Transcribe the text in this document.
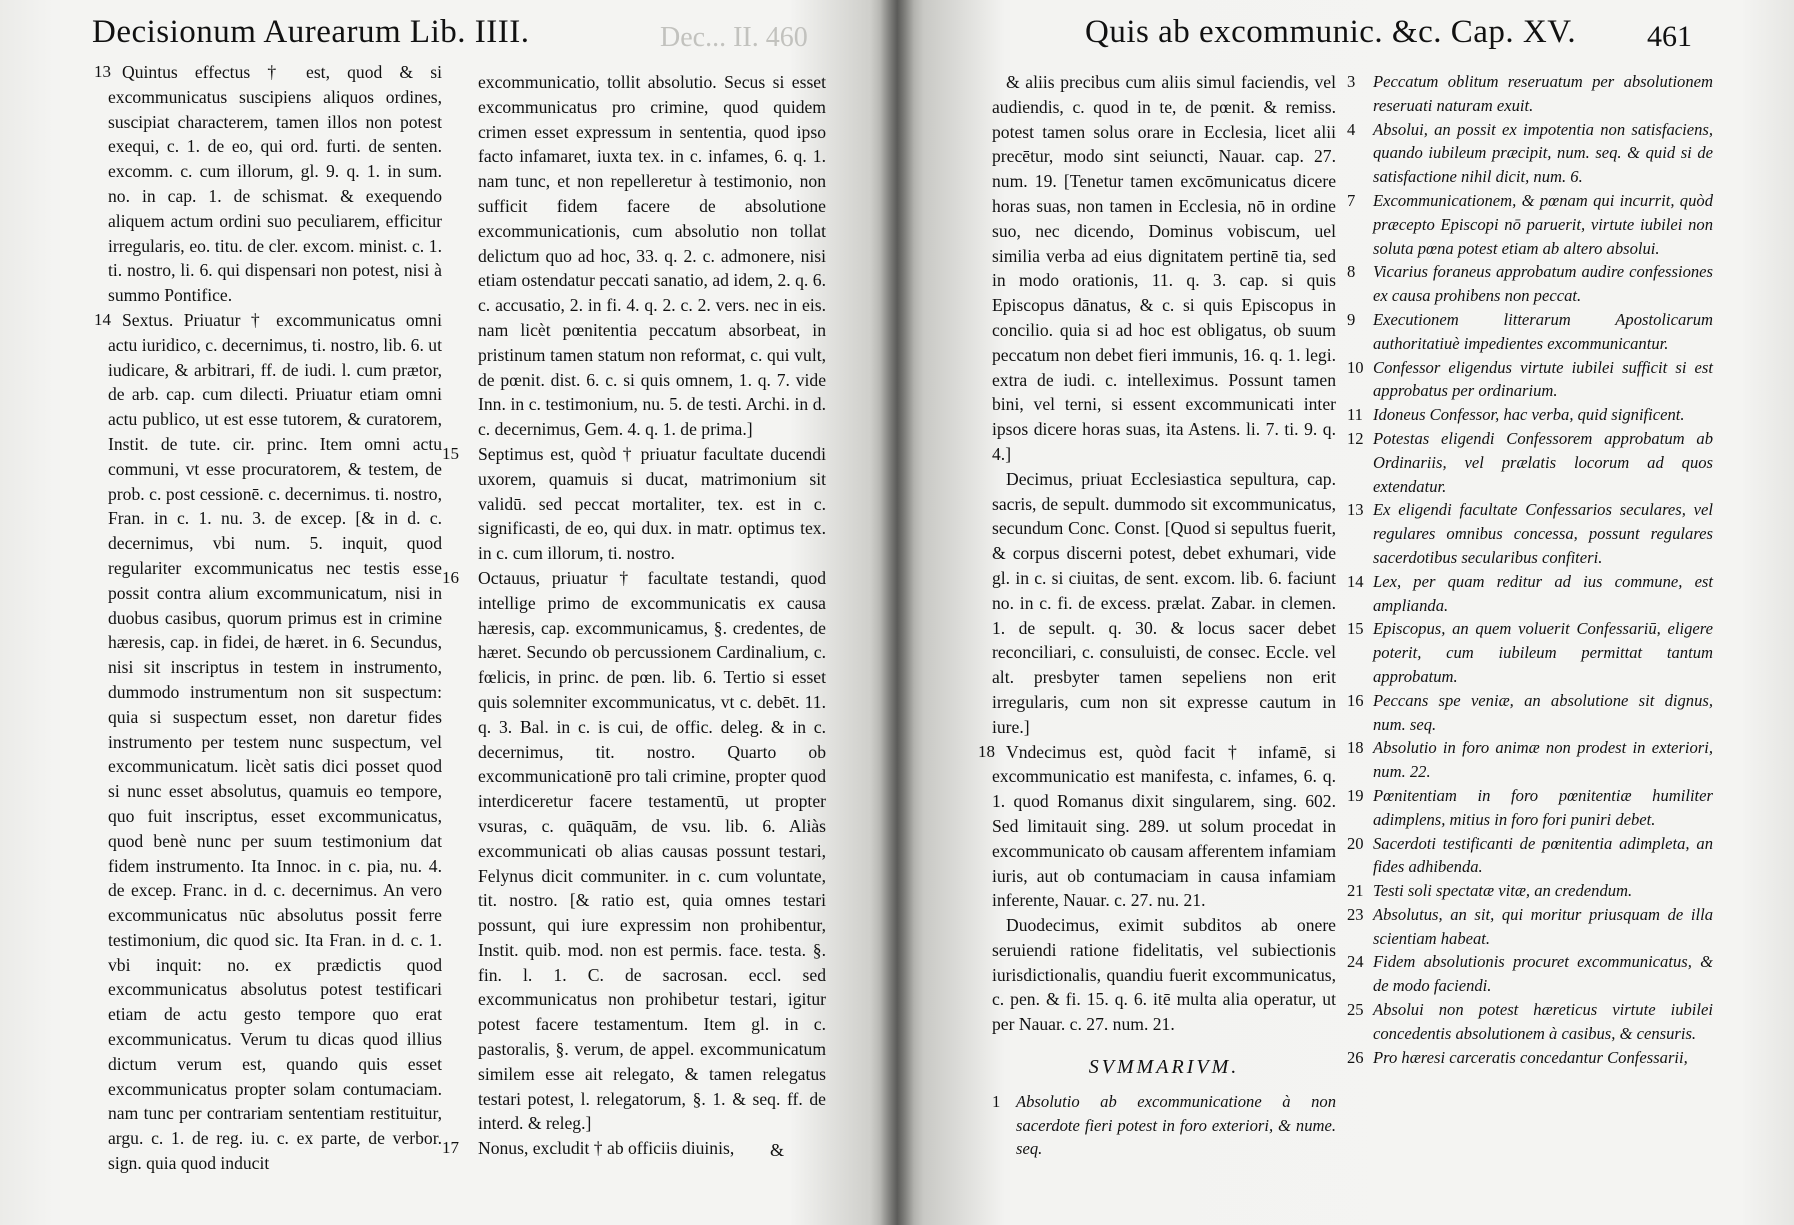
Dec... II. 460
Decisionum Aurearum Lib. IIII.

13 Quintus effectus † est, quod & si excommunicatus suscipiens aliquos ordines, suscipiat characterem, tamen illos non potest exequi, c. 1. de eo, qui ord. furti. de senten. excomm. c. cum illorum, gl. 9. q. 1. in sum. no. in cap. 1. de schismat. & exequendo aliquem actum ordini suo peculiarem, efficitur irregularis, eo. titu. de cler. excom. minist. c. 1. ti. nostro, li. 6. qui dispensari non potest, nisi à summo Pontifice.

14 Sextus. Priuatur † excommunicatus omni actu iuridico, c. decernimus, ti. nostro, lib. 6. ut iudicare, & arbitrari, ff. de iudi. l. cum prætor, de arb. cap. cum dilecti. Priuatur etiam omni actu publico, ut est esse tutorem, & curatorem, Instit. de tute. cir. princ. Item omni actu communi, vt esse procuratorem, & testem, de prob. c. post cessionē. c. decernimus. ti. nostro, Fran. in c. 1. nu. 3. de excep. [& in d. c. decernimus, vbi num. 5. inquit, quod regulariter excommunicatus nec testis esse possit contra alium excommunicatum, nisi in duobus casibus, quorum primus est in crimine hæresis, cap. in fidei, de hæret. in 6. Secundus, nisi sit inscriptus in testem in instrumento, dummodo instrumentum non sit suspectum: quia si suspectum esset, non daretur fides instrumento per testem nunc suspectum, vel excommunicatum. licèt satis dici posset quod si nunc esset absolutus, quamuis eo tempore, quo fuit inscriptus, esset excommunicatus, quod benè nunc per suum testimonium dat fidem instrumento. Ita Innoc. in c. pia, nu. 4. de excep. Franc. in d. c. decernimus. An vero excommunicatus nūc absolutus possit ferre testimonium, dic quod sic. Ita Fran. in d. c. 1. vbi inquit: no. ex prædictis quod excommunicatus absolutus potest testificari etiam de actu gesto tempore quo erat excommunicatus. Verum tu dicas quod illius dictum verum est, quando quis esset excommunicatus propter solam contumaciam. nam tunc per contrariam sententiam restituitur, argu. c. 1. de reg. iu. c. ex parte, de verbor. sign. quia quod inducit

excommunicatio, tollit absolutio. Secus si esset excommunicatus pro crimine, quod quidem crimen esset expressum in sententia, quod ipso facto infamaret, iuxta tex. in c. infames, 6. q. 1. nam tunc, et non repelleretur à testimonio, non sufficit fidem facere de absolutione excommunicationis, cum absolutio non tollat delictum quo ad hoc, 33. q. 2. c. admonere, nisi etiam ostendatur peccati sanatio, ad idem, 2. q. 6. c. accusatio, 2. in fi. 4. q. 2. c. 2. vers. nec in eis. nam licèt pœnitentia peccatum absorbeat, in pristinum tamen statum non reformat, c. qui vult, de pœnit. dist. 6. c. si quis omnem, 1. q. 7. vide Inn. in c. testimonium, nu. 5. de testi. Archi. in d. c. decernimus, Gem. 4. q. 1. de prima.]

15 Septimus est, quòd † priuatur facultate ducendi uxorem, quamuis si ducat, matrimonium sit validū. sed peccat mortaliter, tex. est in c. significasti, de eo, qui dux. in matr. optimus tex. in c. cum illorum, ti. nostro.

16 Octauus, priuatur † facultate testandi, quod intellige primo de excommunicatis ex causa hæresis, cap. excommunicamus, §. credentes, de hæret. Secundo ob percussionem Cardinalium, c. fœlicis, in princ. de pœn. lib. 6. Tertio si esset quis solemniter excommunicatus, vt c. debēt. 11. q. 3. Bal. in c. is cui, de offic. deleg. & in c. decernimus, tit. nostro. Quarto ob excommunicationē pro tali crimine, propter quod interdiceretur facere testamentū, ut propter vsuras, c. quāquām, de vsu. lib. 6. Aliàs excommunicati ob alias causas possunt testari, Felynus dicit communiter. in c. cum voluntate, tit. nostro. [& ratio est, quia omnes testari possunt, qui iure expressim non prohibentur, Instit. quib. mod. non est permis. face. testa. §. fin. l. 1. C. de sacrosan. eccl. sed excommunicatus non prohibetur testari, igitur potest facere testamentum. Item gl. in c. pastoralis, §. verum, de appel. excommunicatum similem esse ait relegato, & tamen relegatus testari potest, l. relegatorum, §. 1. & seq. ff. de interd. & releg.]

17 Nonus, excludit † ab officiis diuinis,	&
Quis ab excommunic. &c. Cap. XV. 461

& aliis precibus cum aliis simul faciendis, vel audiendis, c. quod in te, de pœnit. & remiss. potest tamen solus orare in Ecclesia, licet alii precētur, modo sint seiuncti, Nauar. cap. 27. num. 19. [Tenetur tamen excōmunicatus dicere horas suas, non tamen in Ecclesia, nō in ordine suo, nec dicendo, Dominus vobiscum, uel similia verba ad eius dignitatem pertinē tia, sed in modo orationis, 11. q. 3. cap. si quis Episcopus dānatus, & c. si quis Episcopus in concilio. quia si ad hoc est obligatus, ob suum peccatum non debet fieri immunis, 16. q. 1. legi. extra de iudi. c. intelleximus. Possunt tamen bini, vel terni, si essent excommunicati inter ipsos dicere horas suas, ita Astens. li. 7. ti. 9. q. 4.]

Decimus, priuat Ecclesiastica sepultura, cap. sacris, de sepult. dummodo sit excommunicatus, secundum Conc. Const. [Quod si sepultus fuerit, & corpus discerni potest, debet exhumari, vide gl. in c. si ciuitas, de sent. excom. lib. 6. faciunt no. in c. fi. de excess. prælat. Zabar. in clemen. 1. de sepult. q. 30. & locus sacer debet reconciliari, c. consuluisti, de consec. Eccle. vel alt. presbyter tamen sepeliens non erit irregularis, cum non sit expresse cautum in iure.]

18 Vndecimus est, quòd facit † infamē, si excommunicatio est manifesta, c. infames, 6. q. 1. quod Romanus dixit singularem, sing. 602. Sed limitauit sing. 289. ut solum procedat in excommunicato ob causam afferentem infamiam iuris, aut ob contumaciam in causa infamiam inferente, Nauar. c. 27. nu. 21.

Duodecimus, eximit subditos ab onere seruiendi ratione fidelitatis, vel subiectionis iurisdictionalis, quandiu fuerit excommunicatus, c. pen. & fi. 15. q. 6. itē multa alia operatur, ut per Nauar. c. 27. num. 21.

SVMMARIVM.

1 Absolutio ab excommunicatione à non sacerdote fieri potest in foro exteriori, & nume. seq.

3 Peccatum oblitum reseruatum per absolutionem reseruati naturam exuit.

4 Absolui, an possit ex impotentia non satisfaciens, quando iubileum præcipit, num. seq. & quid si de satisfactione nihil dicit, num. 6.

7 Excommunicationem, & pœnam qui incurrit, quòd præcepto Episcopi nō paruerit, virtute iubilei non soluta pœna potest etiam ab altero absolui.

8 Vicarius foraneus approbatum audire confessiones ex causa prohibens non peccat.

9 Executionem litterarum Apostolicarum authoritatiuè impedientes excommunicantur.

10 Confessor eligendus virtute iubilei sufficit si est approbatus per ordinarium.

11 Idoneus Confessor, hac verba, quid significent.

12 Potestas eligendi Confessorem approbatum ab Ordinariis, vel prælatis locorum ad quos extendatur.

13 Ex eligendi facultate Confessarios seculares, vel regulares omnibus concessa, possunt regulares sacerdotibus secularibus confiteri.

14 Lex, per quam reditur ad ius commune, est amplianda.

15 Episcopus, an quem voluerit Confessariū, eligere poterit, cum iubileum permittat tantum approbatum.

16 Peccans spe veniæ, an absolutione sit dignus, num. seq.

18 Absolutio in foro animæ non prodest in exteriori, num. 22.

19 Pœnitentiam in foro pœnitentiæ humiliter adimplens, mitius in foro fori puniri debet.

20 Sacerdoti testificanti de pœnitentia adimpleta, an fides adhibenda.

21 Testi soli spectatæ vitæ, an credendum.

23 Absolutus, an sit, qui moritur priusquam de illa scientiam habeat.

24 Fidem absolutionis procuret excommunicatus, & de modo faciendi.

25 Absolui non potest hæreticus virtute iubilei concedentis absolutionem à casibus, & censuris.

26 Pro hæresi carceratis concedantur Confessarii,
